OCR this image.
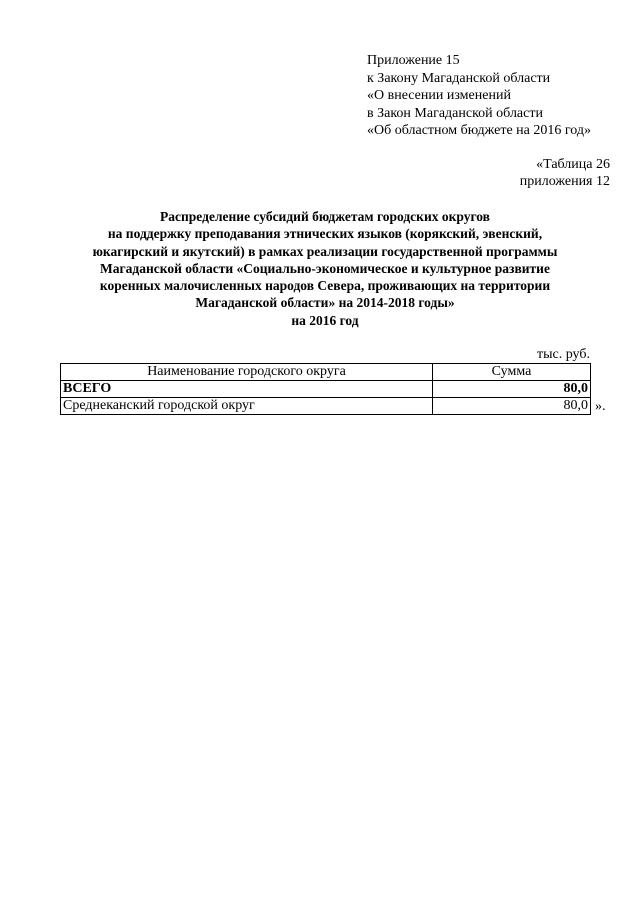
Приложение 15
к Закону Магаданской области
«О внесении изменений
в Закон Магаданской области
«Об областном бюджете на 2016 год»
«Таблица 26
приложения 12
Распределение субсидий бюджетам городских округов
на поддержку преподавания этнических языков (корякский, эвенский,
юкагирский и якутский) в рамках реализации государственной программы
Магаданской области «Социально-экономическое и культурное развитие
коренных малочисленных народов Севера, проживающих на территории
Магаданской области» на 2014-2018 годы»
на 2016 год
тыс. руб.
Наименование городского округа	Сумма
ВСЕГО	80,0
Среднеканский городской округ	80,0 ».
